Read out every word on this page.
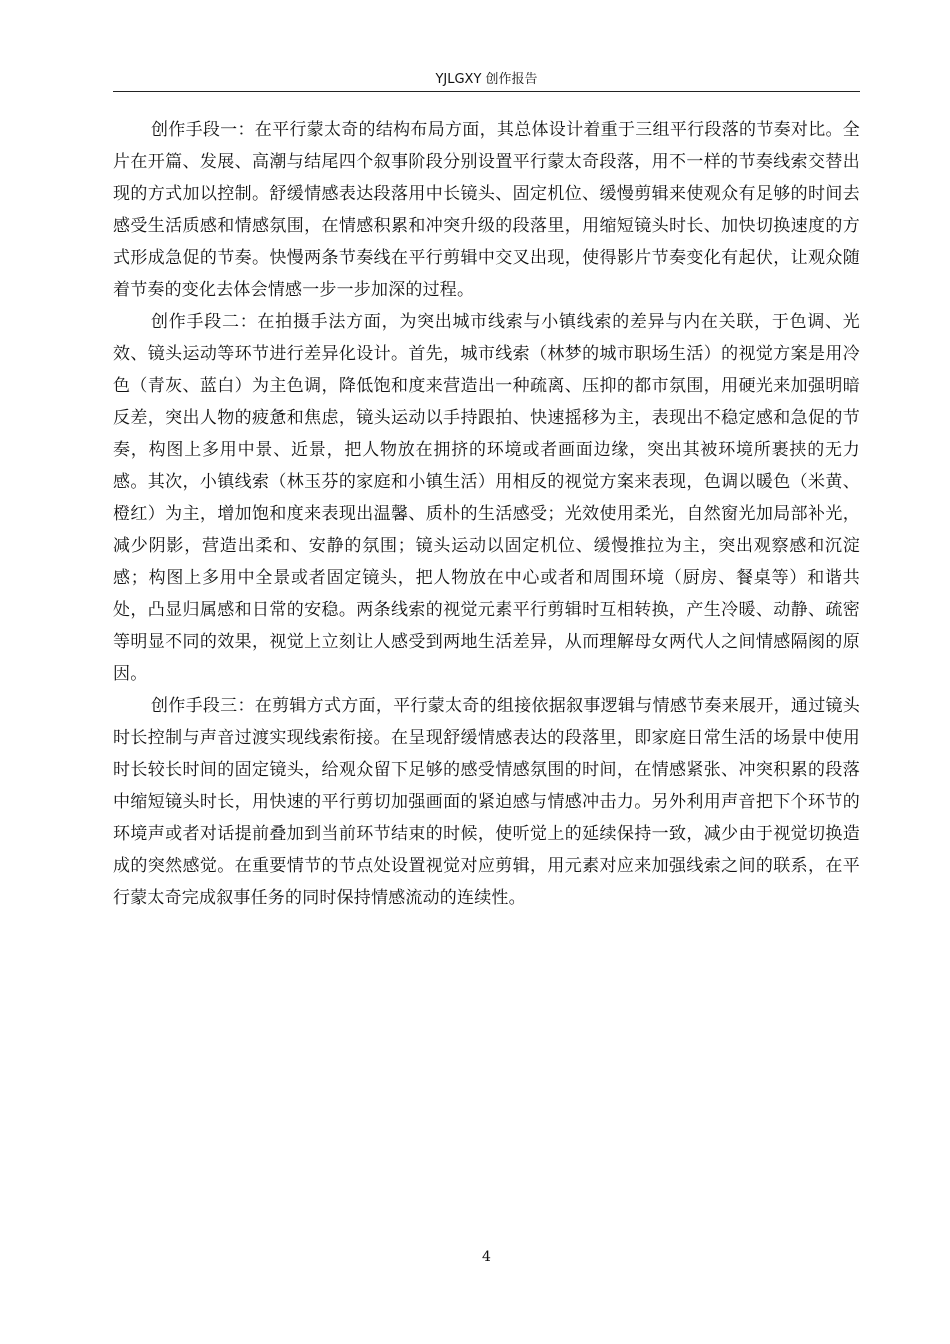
YJLGXY 创作报告

创作手段一：在平行蒙太奇的结构布局方面，其总体设计着重于三组平行段落的节奏对比。全片在开篇、发展、高潮与结尾四个叙事阶段分别设置平行蒙太奇段落，用不一样的节奏线索交替出现的方式加以控制。舒缓情感表达段落用中长镜头、固定机位、缓慢剪辑来使观众有足够的时间去感受生活质感和情感氛围，在情感积累和冲突升级的段落里，用缩短镜头时长、加快切换速度的方式形成急促的节奏。快慢两条节奏线在平行剪辑中交叉出现，使得影片节奏变化有起伏，让观众随着节奏的变化去体会情感一步一步加深的过程。

创作手段二：在拍摄手法方面，为突出城市线索与小镇线索的差异与内在关联，于色调、光效、镜头运动等环节进行差异化设计。首先，城市线索（林梦的城市职场生活）的视觉方案是用冷色（青灰、蓝白）为主色调，降低饱和度来营造出一种疏离、压抑的都市氛围，用硬光来加强明暗反差，突出人物的疲惫和焦虑，镜头运动以手持跟拍、快速摇移为主，表现出不稳定感和急促的节奏，构图上多用中景、近景，把人物放在拥挤的环境或者画面边缘，突出其被环境所裹挟的无力感。其次，小镇线索（林玉芬的家庭和小镇生活）用相反的视觉方案来表现，色调以暖色（米黄、橙红）为主，增加饱和度来表现出温馨、质朴的生活感受；光效使用柔光，自然窗光加局部补光，减少阴影，营造出柔和、安静的氛围；镜头运动以固定机位、缓慢推拉为主，突出观察感和沉淀感；构图上多用中全景或者固定镜头，把人物放在中心或者和周围环境（厨房、餐桌等）和谐共处，凸显归属感和日常的安稳。两条线索的视觉元素平行剪辑时互相转换，产生冷暖、动静、疏密等明显不同的效果，视觉上立刻让人感受到两地生活差异，从而理解母女两代人之间情感隔阂的原因。

创作手段三：在剪辑方式方面，平行蒙太奇的组接依据叙事逻辑与情感节奏来展开，通过镜头时长控制与声音过渡实现线索衔接。在呈现舒缓情感表达的段落里，即家庭日常生活的场景中使用时长较长时间的固定镜头，给观众留下足够的感受情感氛围的时间，在情感紧张、冲突积累的段落中缩短镜头时长，用快速的平行剪切加强画面的紧迫感与情感冲击力。另外利用声音把下个环节的环境声或者对话提前叠加到当前环节结束的时候，使听觉上的延续保持一致，减少由于视觉切换造成的突然感觉。在重要情节的节点处设置视觉对应剪辑，用元素对应来加强线索之间的联系，在平行蒙太奇完成叙事任务的同时保持情感流动的连续性。

4
